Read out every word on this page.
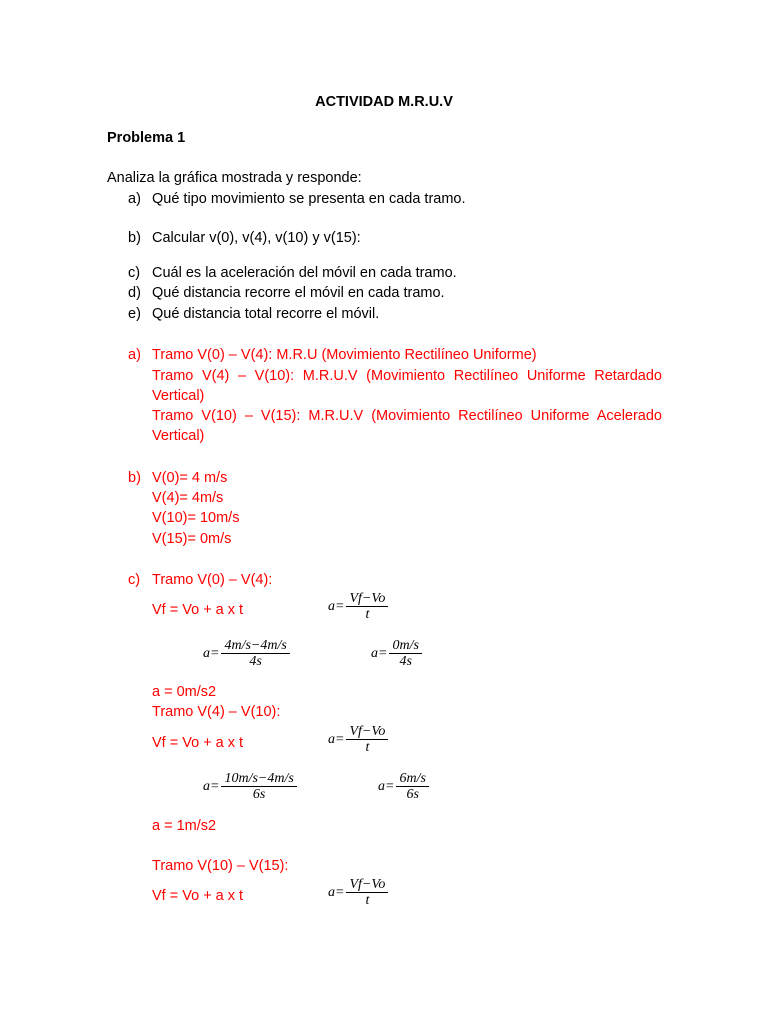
ACTIVIDAD M.R.U.V
Problema 1
Analiza la gráfica mostrada y responde:
a) Qué tipo movimiento se presenta en cada tramo.
b) Calcular v(0), v(4), v(10) y v(15):
c) Cuál es la aceleración del móvil en cada tramo.
d) Qué distancia recorre el móvil en cada tramo.
e) Qué distancia total recorre el móvil.
a) Tramo V(0) – V(4): M.R.U (Movimiento Rectilíneo Uniforme)
Tramo V(4) – V(10): M.R.U.V (Movimiento Rectilíneo Uniforme Retardado Vertical)
Tramo V(10) – V(15): M.R.U.V (Movimiento Rectilíneo Uniforme Acelerado Vertical)
b) V(0)= 4 m/s
V(4)= 4m/s
V(10)= 10m/s
V(15)= 0m/s
c) Tramo V(0) – V(4):
Vf = Vo + a x t	$a= \frac{Vf-Vo}{t}$
$a= \frac{4m/s-4m/s}{4s}$	$a= \frac{0m/s}{4s}$
a = 0m/s2
Tramo V(4) – V(10):
Vf = Vo + a x t	$a= \frac{Vf-Vo}{t}$
$a= \frac{10m/s-4m/s}{6s}$	$a= \frac{6m/s}{6s}$
a = 1m/s2
Tramo V(10) – V(15):
Vf = Vo + a x t	$a= \frac{Vf-Vo}{t}$
